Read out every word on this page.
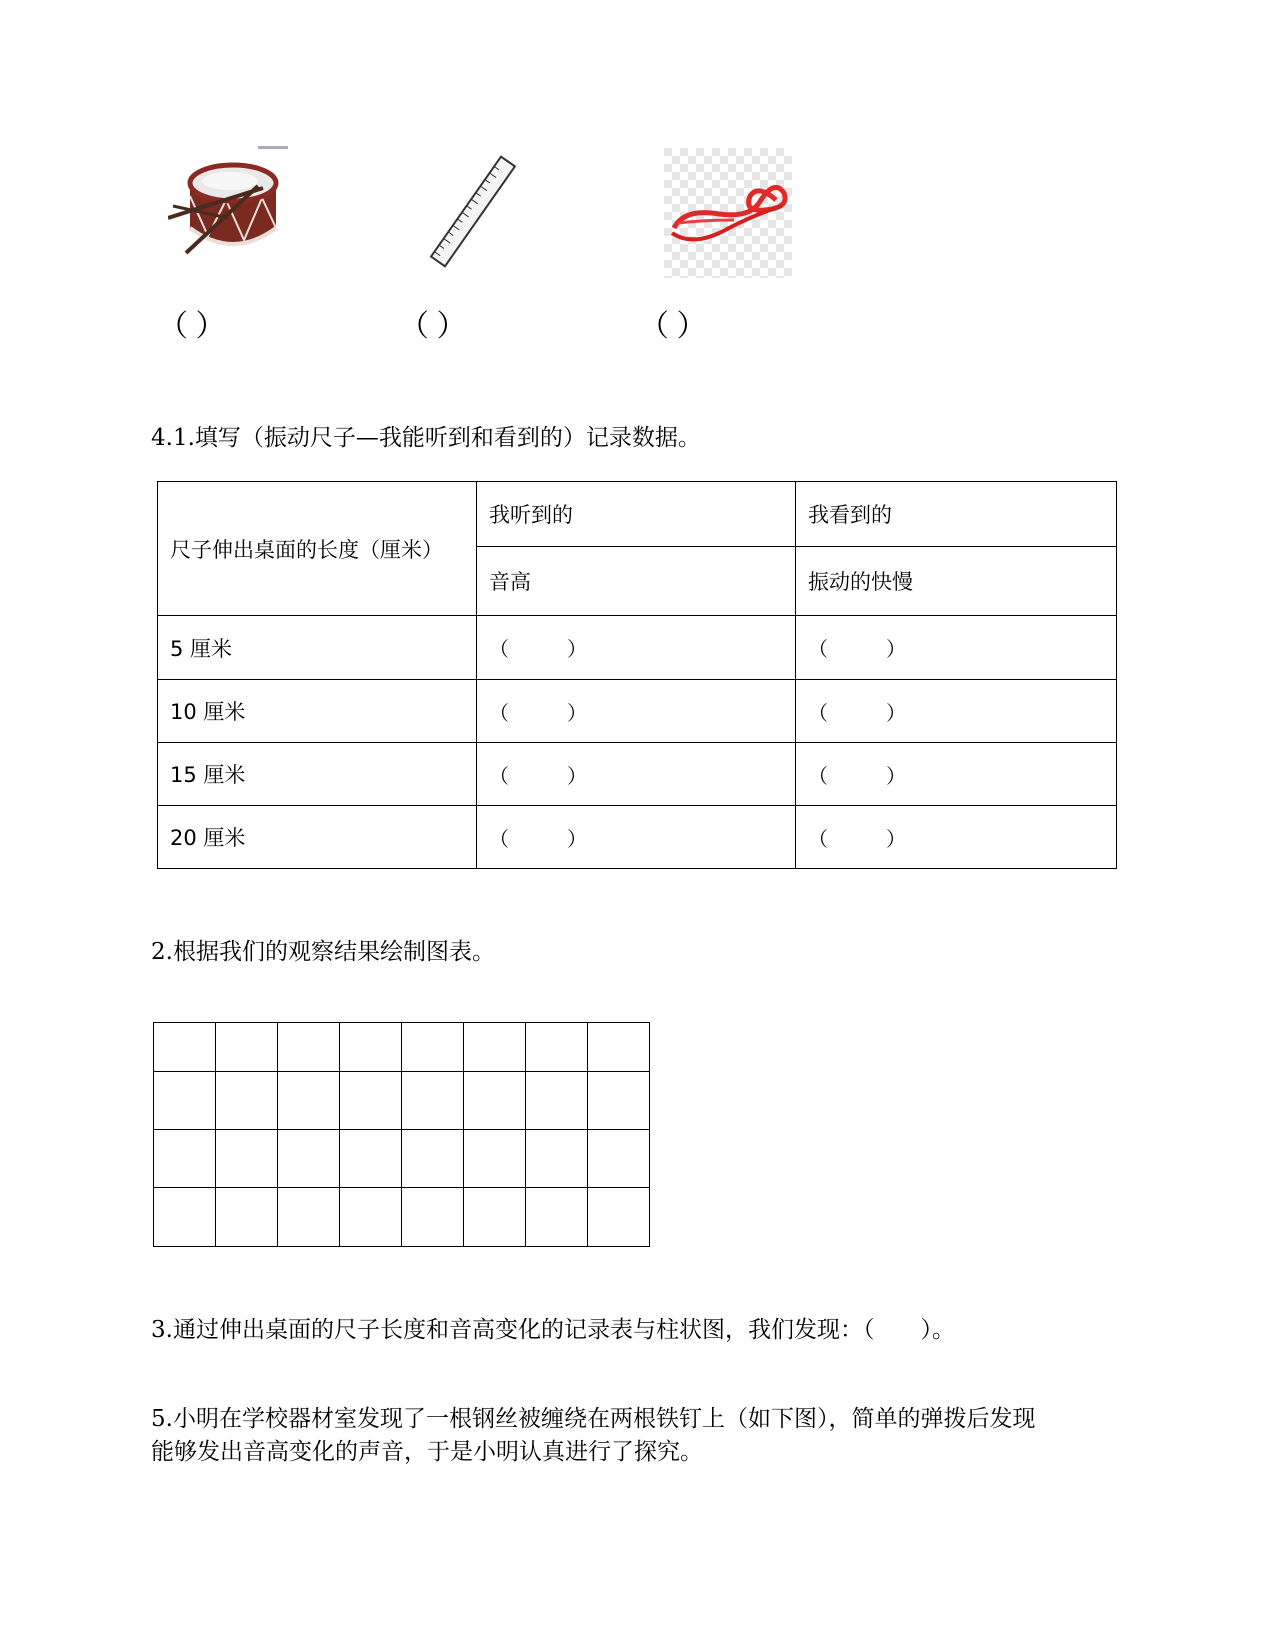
（ ）	（ ）	（ ）
4.1.填写（振动尺子—我能听到和看到的）记录数据。
尺子伸出桌面的长度（厘米）	我听到的	我看到的
	音高	振动的快慢
5 厘米	（ ）	（ ）
10 厘米	（ ）	（ ）
15 厘米	（ ）	（ ）
20 厘米	（ ）	（ ）
2.根据我们的观察结果绘制图表。

3.通过伸出桌面的尺子长度和音高变化的记录表与柱状图，我们发现：（　　）。
5.小明在学校器材室发现了一根钢丝被缠绕在两根铁钉上（如下图），简单的弹拨后发现
能够发出音高变化的声音，于是小明认真进行了探究。
